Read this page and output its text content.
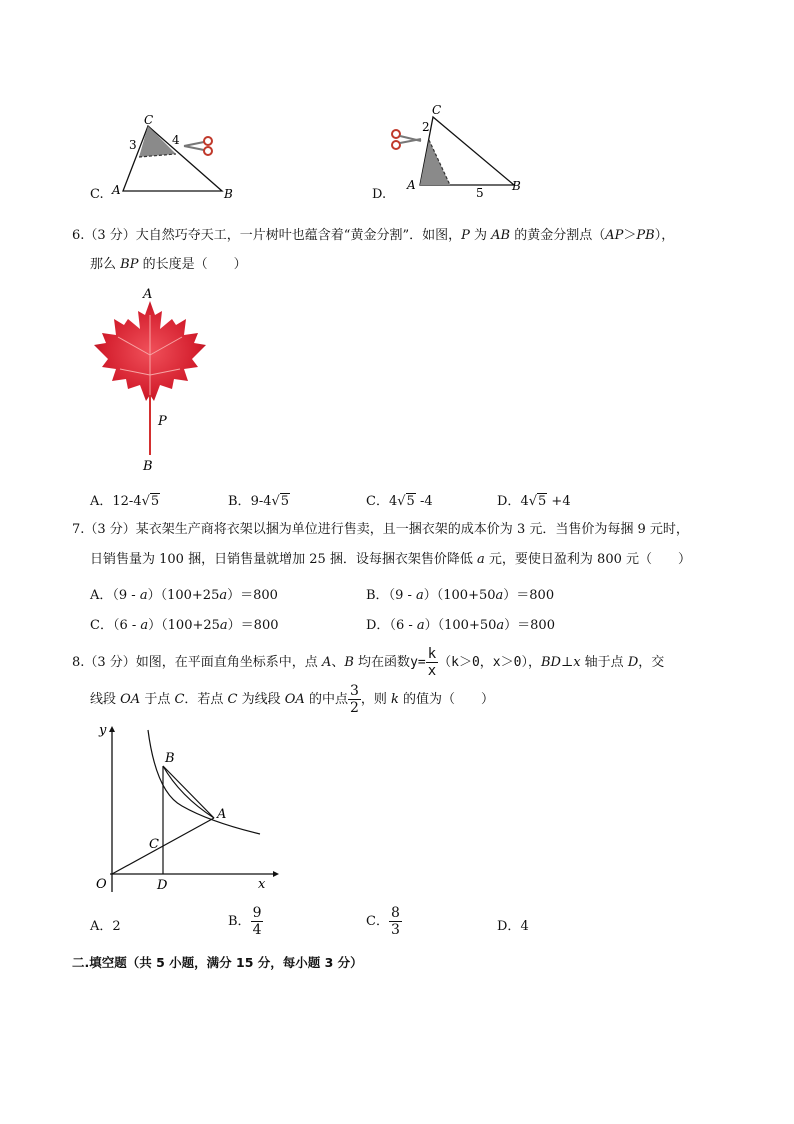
C
A	B
3	4
C.
C
A	B
2
5
D.
6.（3 分）大自然巧夺天工，一片树叶也蕴含着“黄金分割”．如图，P 为 AB 的黄金分割点（AP＞PB），
那么 BP 的长度是（　　）
A
P
B
A．12-4√5	B．9-4√5	C．4√5 -4	D．4√5 +4
7.（3 分）某衣架生产商将衣架以捆为单位进行售卖，且一捆衣架的成本价为 3 元．当售价为每捆 9 元时，
日销售量为 100 捆，日销售量就增加 25 捆．设每捆衣架售价降低 a 元，要使日盈利为 800 元（　　）
A．（9 - a）（100+25a）＝800	B．（9 - a）（100+50a）＝800
C．（6 - a）（100+25a）＝800	D．（6 - a）（100+50a）＝800
8.（3 分）如图，在平面直角坐标系中，点 A、B 均在函数$y= \frac{k}{x} (k>0$，x＞0），BD⊥x 轴于点 D，交
线段 OA 于点 C．若点 C 为线段 OA 的中点 $\frac{3}{2}$ ，则 k 的值为（　　）
y
x
O
B
A
C
D
A．2	B． $\frac{9}{4}$	C． $\frac{8}{3}$	D．4
二.填空题（共 5 小题，满分 15 分，每小题 3 分）
